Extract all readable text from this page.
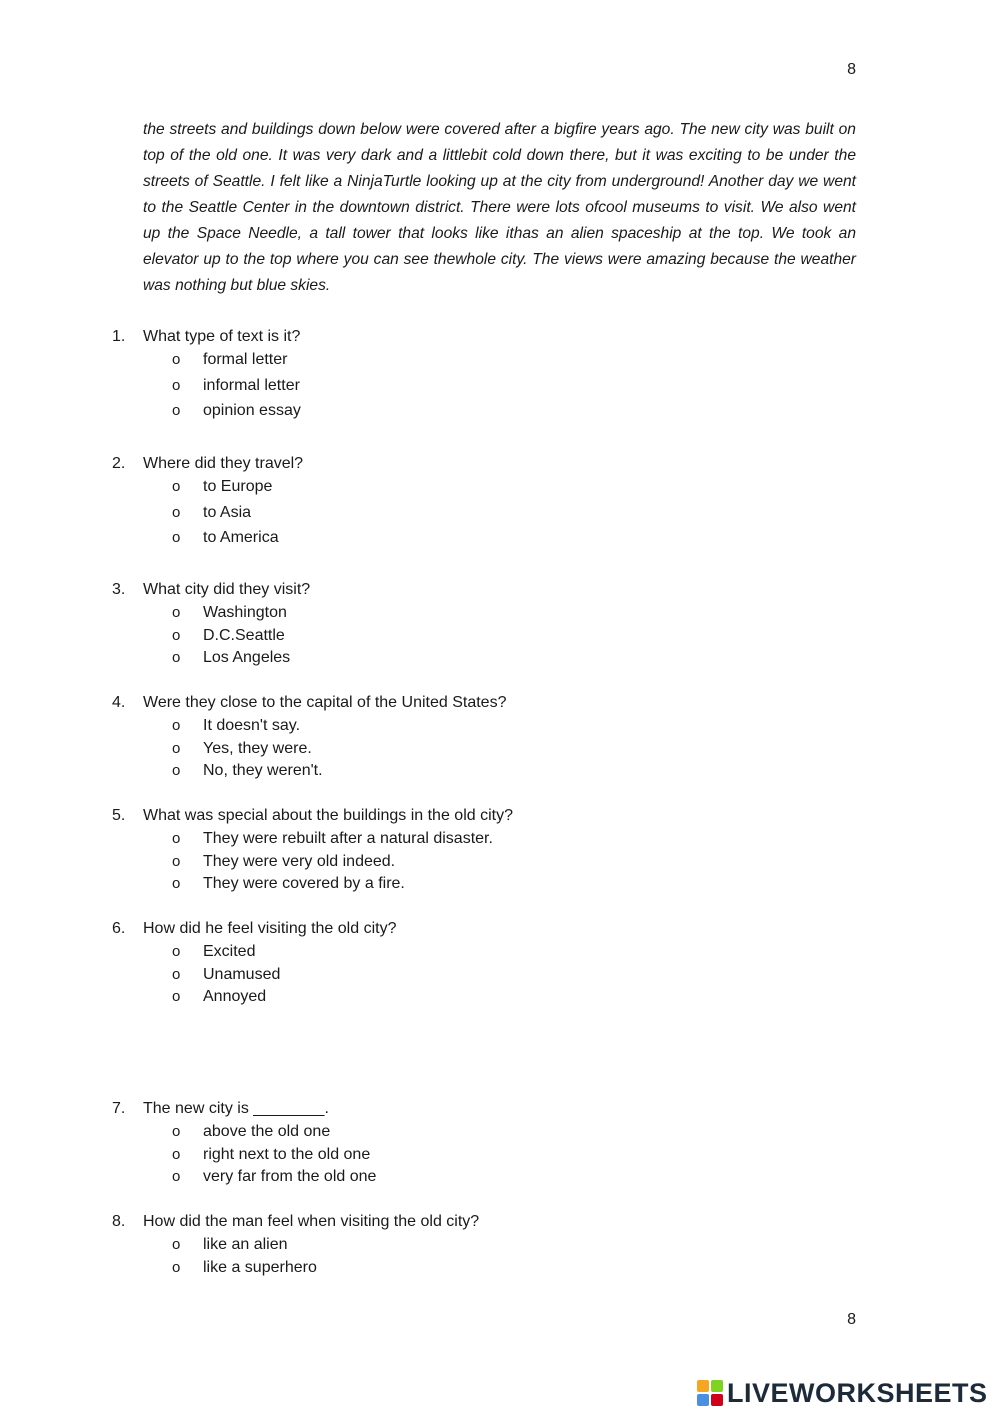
8

the streets and buildings down below were covered after a bigfire years ago. The new city was built on top of the old one. It was very dark and a littlebit cold down there, but it was exciting to be under the streets of Seattle. I felt like a NinjaTurtle looking up at the city from underground! Another day we went to the Seattle Center in the downtown district. There were lots ofcool museums to visit. We also went up the Space Needle, a tall tower that looks like ithas an alien spaceship at the top. We took an elevator up to the top where you can see thewhole city. The views were amazing because the weather was nothing but blue skies.

1. What type of text is it?
o formal letter
o informal letter
o opinion essay
2. Where did they travel?
o to Europe
o to Asia
o to America
3. What city did they visit?
o Washington
o D.C.Seattle
o Los Angeles
4. Were they close to the capital of the United States?
o It doesn't say.
o Yes, they were.
o No, they weren't.
5. What was special about the buildings in the old city?
o They were rebuilt after a natural disaster.
o They were very old indeed.
o They were covered by a fire.
6. How did he feel visiting the old city?
o Excited
o Unamused
o Annoyed
7. The new city is ________.
o above the old one
o right next to the old one
o very far from the old one
8. How did the man feel when visiting the old city?
o like an alien
o like a superhero
8
LIVEWORKSHEETS
